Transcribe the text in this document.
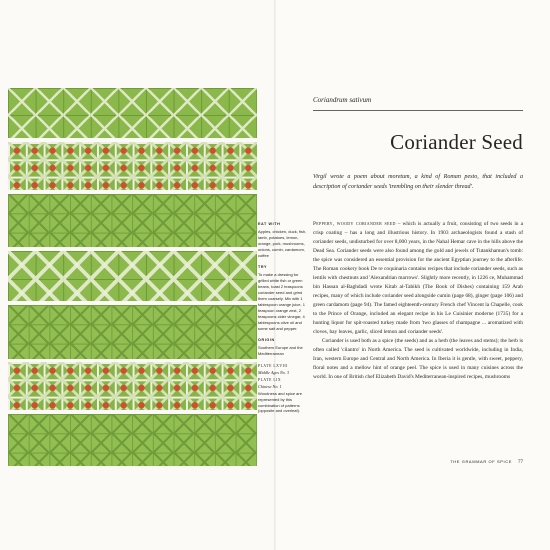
Coriandrum sativum
Coriander Seed
Virgil wrote a poem about moretum, a kind of Roman pesto, that included a description of coriander seeds 'trembling on their slender thread'.
EAT WITH
Apples, chicken, duck, fish, lamb, potatoes, lemon, orange, pork, mushrooms, onions, cumin, cardamom, coffee
TRY
To make a dressing for grilled white fish or green beans, toast 2 teaspoons coriander seed and grind them coarsely. Mix with 1 tablespoon orange juice, 1 teaspoon orange zest, 2 teaspoons cider vinegar, 4 tablespoons olive oil and some salt and pepper.
ORIGIN
Southern Europe and the Mediterranean
PLATE LXVIII
Middle Ages No. 3
PLATE LIX
Chinese No. 1
Woodness and spice are represented by this combination of patterns (opposite and overleaf).

Peppery, woody coriander seed – which is actually a fruit, consisting of two seeds in a crisp coating – has a long and illustrious history. In 1903 archaeologists found a stash of coriander seeds, undisturbed for over 8,000 years, in the Nahal Hemar cave in the hills above the Dead Sea. Coriander seeds were also found among the gold and jewels of Tutankhamun's tomb: the spice was considered an essential provision for the ancient Egyptian journey to the afterlife. The Roman cookery book De re coquinaria contains recipes that include coriander seeds, such as lentils with chestnuts and 'Alexandrian marrows'. Slightly more recently, in 1226 ce, Muhammad bin Hassan al-Baghdadi wrote Kitab al-Tabikh (The Book of Dishes) containing 159 Arab recipes, many of which include coriander seed alongside cumin (page 68), ginger (page 106) and green cardamom (page 94). The famed eighteenth-century French chef Vincent la Chapelle, cook to the Prince of Orange, included an elegant recipe in his Le Cuisinier moderne (1735) for a hunting liquor for spit-roasted turkey made from 'two glasses of champagne ... aromatized with cloves, bay leaves, garlic, sliced lemon and coriander seeds'.

Coriander is used both as a spice (the seeds) and as a herb (the leaves and stems); the herb is often called 'cilantro' in North America. The seed is cultivated worldwide, including in India, Iran, western Europe and Central and North America. In Iberia it is gentle, with sweet, peppery, floral notes and a mellow hint of orange peel. The spice is used in many cuisines across the world. In one of British chef Elizabeth David's Mediterranean-inspired recipes, mushrooms

THE GRAMMAR OF SPICE 77
